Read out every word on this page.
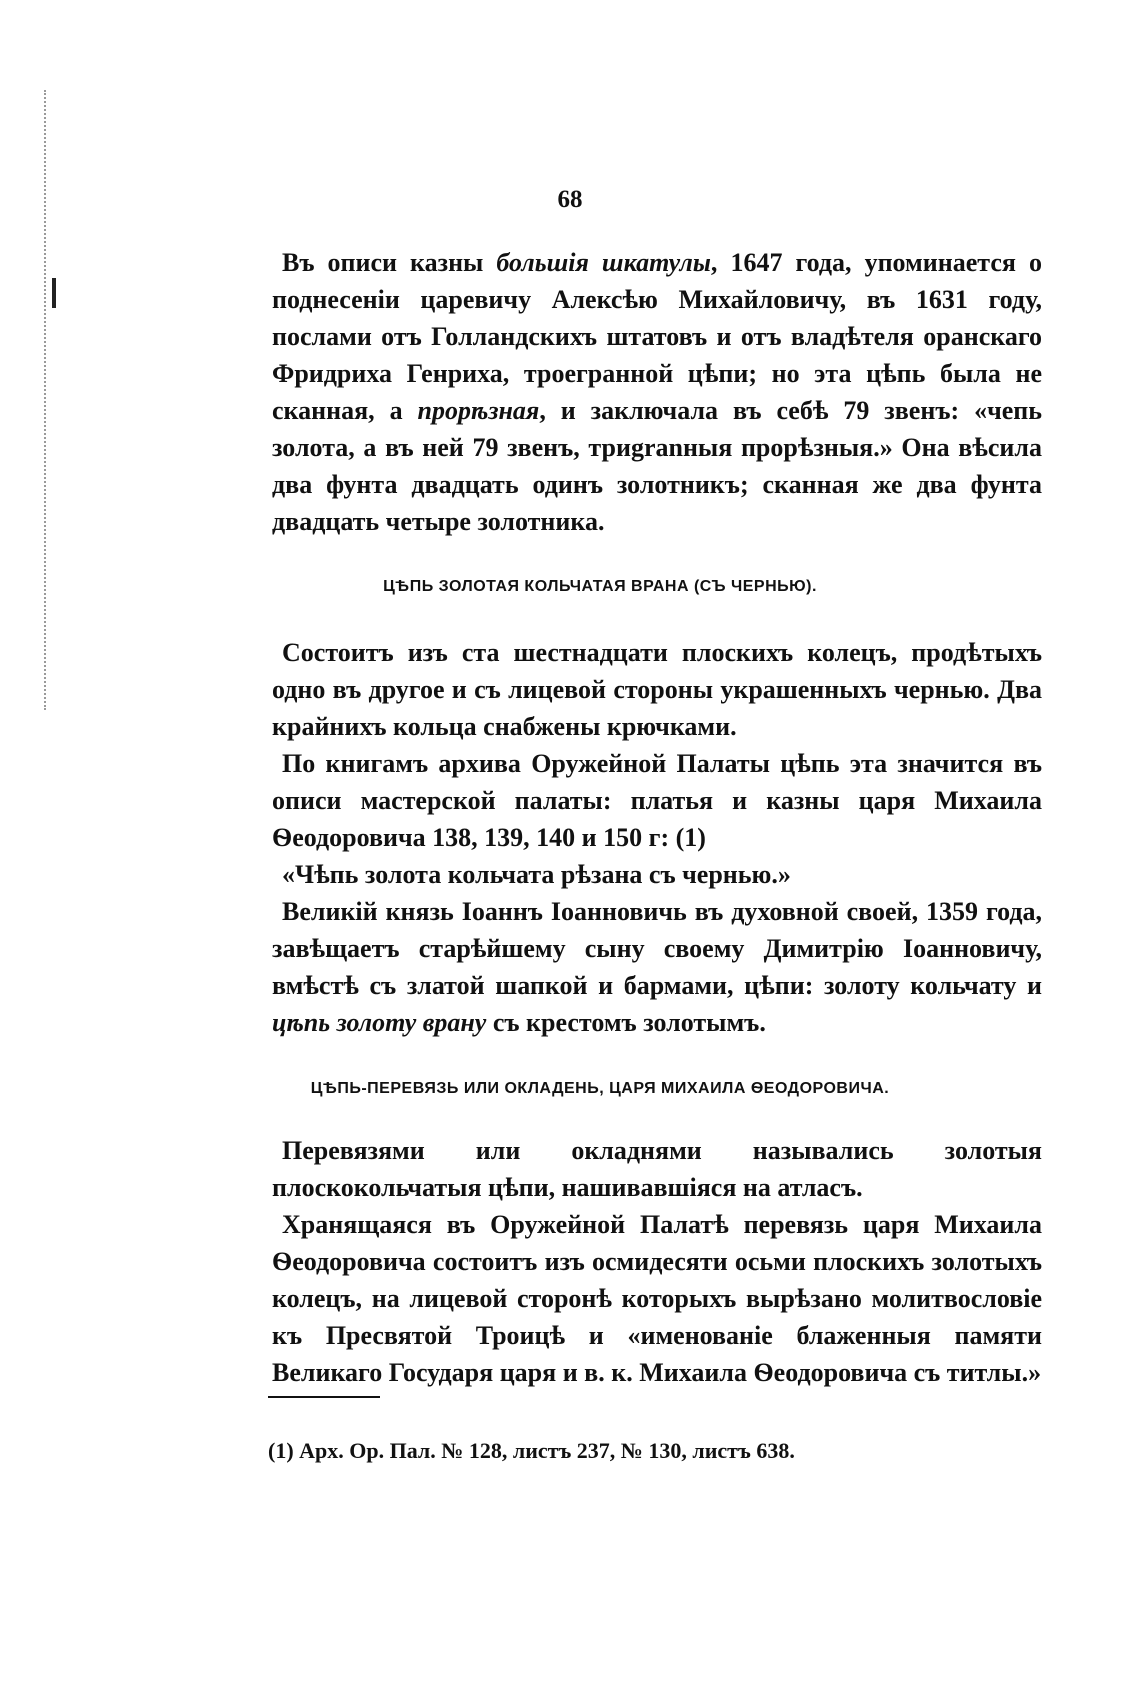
68

Въ описи казны большія шкатулы, 1647 года, упоминается о поднесеніи царевичу Алексѣю Михайловичу, въ 1631 году, послами отъ Голландскихъ штатовъ и отъ владѣтеля оранскаго Фридриха Генриха, троегранной цѣпи; но эта цѣпь была не сканная, а прорѣзная, и заключала въ себѣ 79 звенъ: «чепь золота, а въ ней 79 звенъ, триgranныя прорѣзныя.» Она вѣсила два фунта двадцать одинъ золотникъ; сканная же два фунта двадцать четыре золотника.

ЦѢПЬ ЗОЛОТАЯ КОЛЬЧАТАЯ ВРАНА (СЪ ЧЕРНЬЮ).

Состоитъ изъ ста шестнадцати плоскихъ колецъ, продѣтыхъ одно въ другое и съ лицевой стороны украшенныхъ чернью. Два крайнихъ кольца снабжены крючками.

По книгамъ архива Оружейной Палаты цѣпь эта значится въ описи мастерской палаты: платья и казны царя Михаила Ѳеодоровича 138, 139, 140 и 150 г: (1)

«Чѣпь золота кольчата рѣзана съ чернью.»

Великій князь Іоаннъ Іоанновичь въ духовной своей, 1359 года, завѣщаетъ старѣйшему сыну своему Димитрію Іоанновичу, вмѣстѣ съ златой шапкой и бармами, цѣпи: золоту кольчату и цѣпь золоту врану съ крестомъ золотымъ.

ЦѢПЬ-ПЕРЕВЯЗЬ ИЛИ ОКЛАДЕНЬ, ЦАРЯ МИХАИЛА ѲЕОДОРОВИЧА.

Перевязями или окладнями назывались золотыя плоскокольчатыя цѣпи, нашивавшіяся на атласъ.

Хранящаяся въ Оружейной Палатѣ перевязь царя Михаила Ѳеодоровича состоитъ изъ осмидесяти осьми плоскихъ золотыхъ колецъ, на лицевой сторонѣ которыхъ вырѣзано молитвословіе къ Пресвятой Троицѣ и «именованіе блаженныя памяти Великаго Государя царя и в. к. Михаила Ѳеодоровича съ титлы.»

(1) Арх. Ор. Пал. № 128, листъ 237, № 130, листъ 638.
